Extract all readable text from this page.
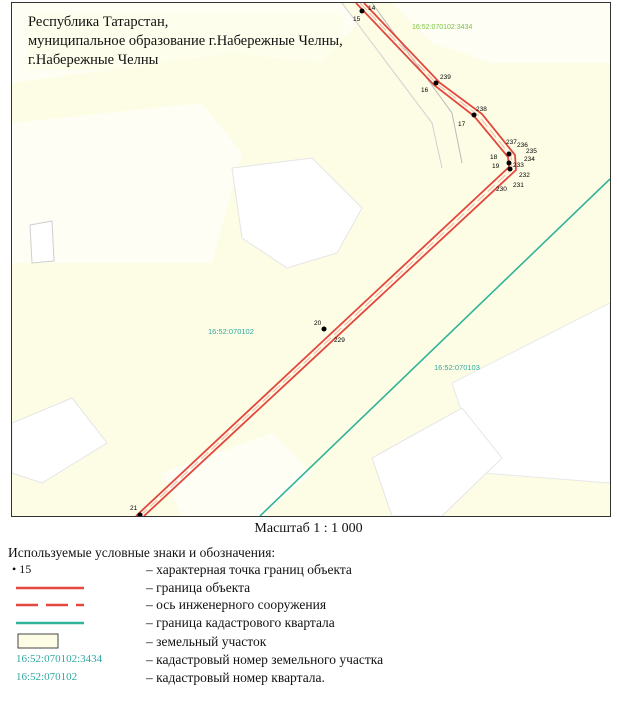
14
15
239
16
238
17
237 236
235
18	234
19 233
232
231
230
20
229
21
16:52:070102:3434
16:52:070102
16:52:070103
Республика Татарстан,
муниципальное образование г.Набережные Челны,
г.Набережные Челны
Масштаб 1 : 1 000
Используемые условные знаки и обозначения:
• 15	– характерная точка границ объекта
– граница объекта
– ось инженерного сооружения
– граница кадастрового квартала
– земельный участок
16:52:070102:3434	– кадастровый номер земельного участка
16:52:070102	– кадастровый номер квартала.
